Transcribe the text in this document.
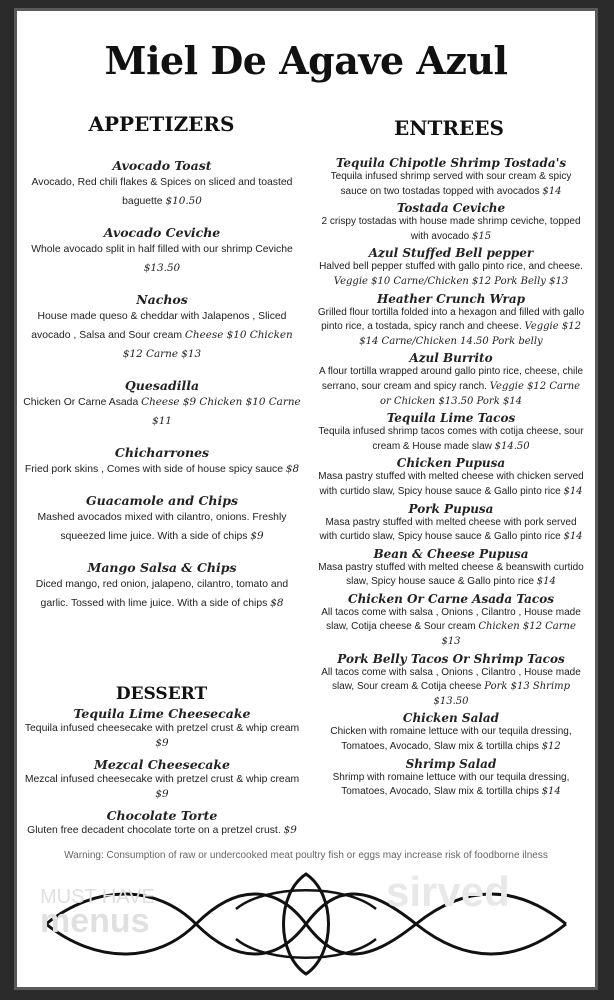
Miel De Agave Azul
APPETIZERS	ENTREES
Avocado Toast
Avocado, Red chili flakes & Spices on sliced and toasted baguette $10.50
Avocado Ceviche
Whole avocado split in half filled with our shrimp Ceviche $13.50
Nachos
House made queso & cheddar with Jalapenos , Sliced avocado , Salsa and Sour cream Cheese $10 Chicken $12 Carne $13
Quesadilla
Chicken Or Carne Asada Cheese $9 Chicken $10 Carne $11
Chicharrones
Fried pork skins , Comes with side of house spicy sauce $8
Guacamole and Chips
Mashed avocados mixed with cilantro, onions. Freshly squeezed lime juice. With a side of chips $9
Mango Salsa & Chips
Diced mango, red onion, jalapeno, cilantro, tomato and garlic. Tossed with lime juice. With a side of chips $8
DESSERT
Tequila Lime Cheesecake
Tequila infused cheesecake with pretzel crust & whip cream $9
Mezcal Cheesecake
Mezcal infused cheesecake with pretzel crust & whip cream $9
Chocolate Torte
Gluten free decadent chocolate torte on a pretzel crust. $9
Tequila Chipotle Shrimp Tostada's
Tequila infused shrimp served with sour cream & spicy sauce on two tostadas topped with avocados $14
Tostada Ceviche
2 crispy tostadas with house made shrimp ceviche, topped with avocado $15
Azul Stuffed Bell pepper
Halved bell pepper stuffed with gallo pinto rice, and cheese. Veggie $10 Carne/Chicken $12 Pork Belly $13
Heather Crunch Wrap
Grilled flour tortilla folded into a hexagon and filled with gallo pinto rice, a tostada, spicy ranch and cheese. Veggie $12 $14 Carne/Chicken 14.50 Pork belly
Azul Burrito
A flour tortilla wrapped around gallo pinto rice, cheese, chile serrano, sour cream and spicy ranch. Veggie $12 Carne or Chicken $13.50 Pork $14
Tequila Lime Tacos
Tequila infused shrimp tacos comes with cotija cheese, sour cream & House made slaw $14.50
Chicken Pupusa
Masa pastry stuffed with melted cheese with chicken served with curtido slaw, Spicy house sauce & Gallo pinto rice $14
Pork Pupusa
Masa pastry stuffed with melted cheese with pork served with curtido slaw, Spicy house sauce & Gallo pinto rice $14
Bean & Cheese Pupusa
Masa pastry stuffed with melted cheese & beanswith curtido slaw, Spicy house sauce & Gallo pinto rice $14
Chicken Or Carne Asada Tacos
All tacos come with salsa , Onions , Cilantro , House made slaw, Cotija cheese & Sour cream Chicken $12 Carne $13
Pork Belly Tacos Or Shrimp Tacos
All tacos come with salsa , Onions , Cilantro , House made slaw, Sour cream & Cotija cheese Pork $13 Shrimp $13.50
Chicken Salad
Chicken with romaine lettuce with our tequila dressing, Tomatoes, Avocado, Slaw mix & tortilla chips $12
Shrimp Salad
Shrimp with romaine lettuce with our tequila dressing, Tomatoes, Avocado, Slaw mix & tortilla chips $14
Warning: Consumption of raw or undercooked meat poultry fish or eggs may increase risk of foodborne ilness
MUST HAVE
menus
sirved
